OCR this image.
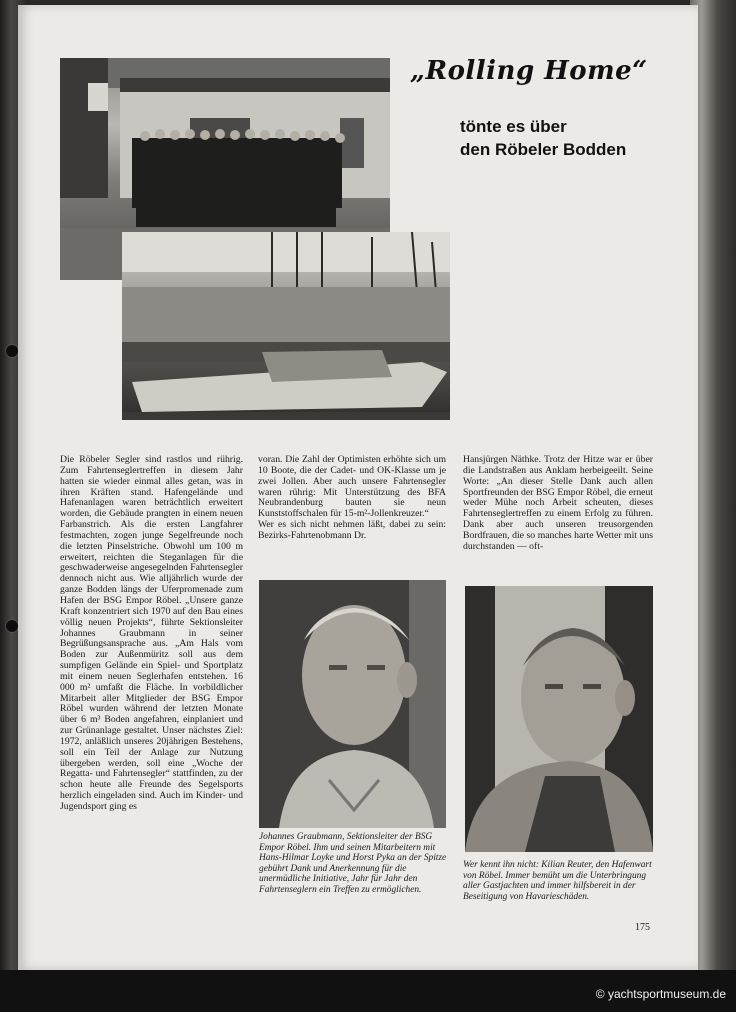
„Rolling Home“
tönte es über
den Röbeler Bodden
Die Röbeler Segler sind rastlos und rührig. Zum Fahrtenseglertreffen in diesem Jahr hatten sie wieder einmal alles getan, was in ihren Kräften stand. Hafengelände und Hafenanlagen waren beträchtlich erweitert worden, die Gebäude prangten in einem neuen Farbanstrich. Als die ersten Langfahrer festmachten, zogen junge Segelfreunde noch die letzten Pinselstriche. Obwohl um 100 m erweitert, reichten die Steganlagen für die geschwaderweise angesegelnden Fahrtensegler dennoch nicht aus. Wie alljährlich wurde der ganze Bodden längs der Uferpromenade zum Hafen der BSG Empor Röbel. „Unsere ganze Kraft konzentriert sich 1970 auf den Bau eines völlig neuen Projekts“, führte Sektionsleiter Johannes Graubmann in seiner Begrüßungsansprache aus. „Am Hals vom Boden zur Außenmüritz soll aus dem sumpfigen Gelände ein Spiel- und Sportplatz mit einem neuen Seglerhafen entstehen. 16 000 m² umfaßt die Fläche. In vorbildlicher Mitarbeit aller Mitglieder der BSG Empor Röbel wurden während der letzten Monate über 6 m³ Boden angefahren, einplaniert und zur Grünanlage gestaltet. Unser nächstes Ziel: 1972, anläßlich unseres 20jährigen Bestehens, soll ein Teil der Anlage zur Nutzung übergeben werden, soll eine „Woche der Regatta- und Fahrtensegler“ stattfinden, zu der schon heute alle Freunde des Segelsports herzlich eingeladen sind. Auch im Kinder- und Jugendsport ging es
voran. Die Zahl der Optimisten erhöhte sich um 10 Boote, die der Cadet- und OK-Klasse um je zwei Jollen. Aber auch unsere Fahrtensegler waren rührig: Mit Unterstützung des BFA Neubrandenburg bauten sie neun Kunststoffschalen für 15-m²-Jollenkreuzer.“
Wer es sich nicht nehmen läßt, dabei zu sein: Bezirks-Fahrtenobmann Dr.
Hansjürgen Näthke. Trotz der Hitze war er über die Landstraßen aus Anklam herbeigeeilt. Seine Worte: „An dieser Stelle Dank auch allen Sportfreunden der BSG Empor Röbel, die erneut weder Mühe noch Arbeit scheuten, dieses Fahrtenseglertreffen zu einem Erfolg zu führen. Dank aber auch unseren treusorgenden Bordfrauen, die so manches harte Wetter mit uns durchstanden — oft-
Johannes Graubmann, Sektionsleiter der BSG Empor Röbel. Ihm und seinen Mitarbeitern mit Hans-Hilmar Loyke und Horst Pyka an der Spitze gebührt Dank und Anerkennung für die unermüdliche Initiative, Jahr für Jahr den Fahrtenseglern ein Treffen zu ermöglichen.
Wer kennt ihn nicht: Kilian Reuter, den Hafenwart von Röbel. Immer bemüht um die Unterbringung aller Gastjachten und immer hilfsbereit in der Beseitigung von Havarieschäden.
175
© yachtsportmuseum.de
